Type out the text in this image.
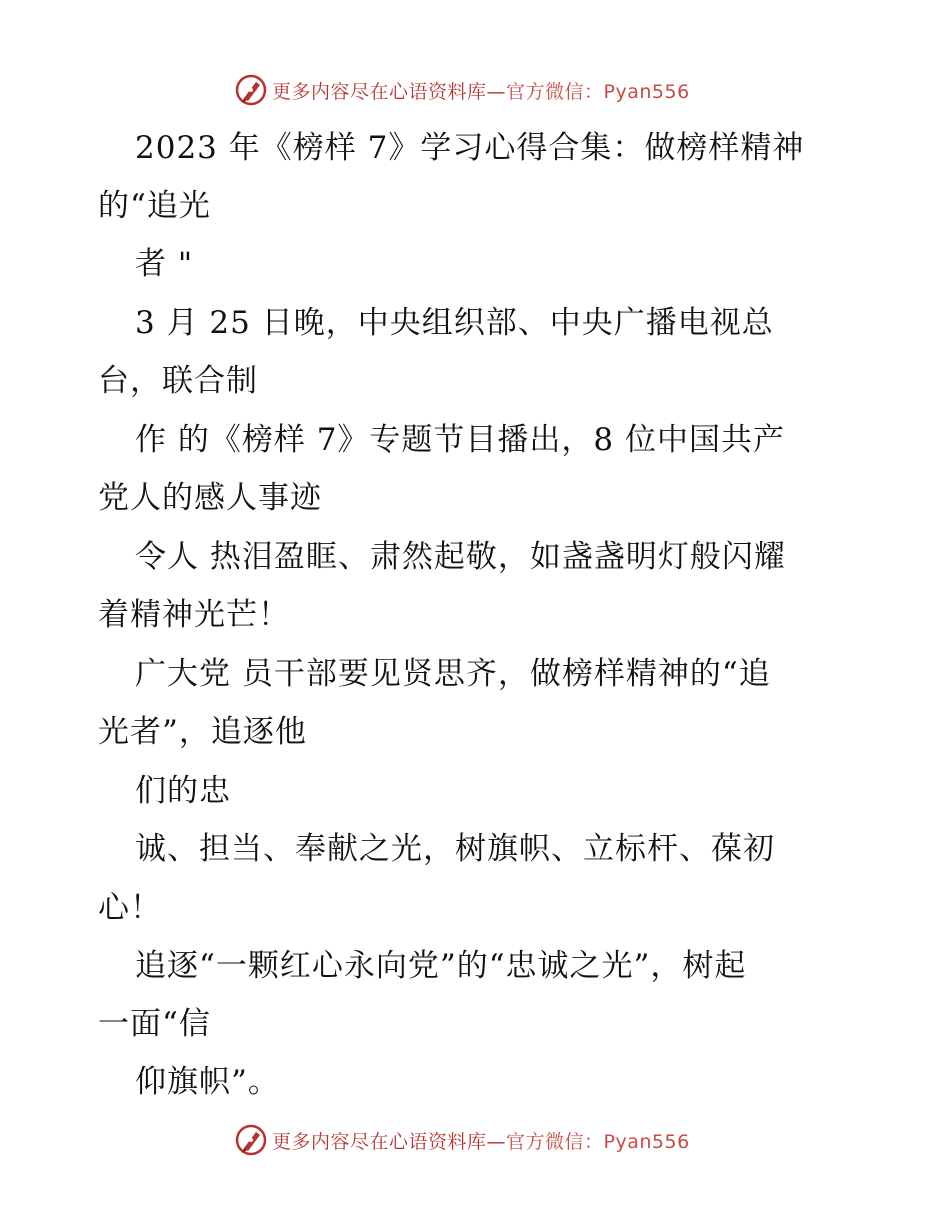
更多内容尽在心语资料库—官方微信：Pyan556
2023 年《榜样 7》学习心得合集：做榜样精神
的“追光
者 "
3 月 25 日晚，中央组织部、中央广播电视总
台，联合制
作 的《榜样 7》专题节目播出，8 位中国共产
党人的感人事迹
令人 热泪盈眶、肃然起敬，如盏盏明灯般闪耀
着精神光芒！
广大党 员干部要见贤思齐，做榜样精神的“追
光者”，追逐他
们的忠
诚、担当、奉献之光，树旗帜、立标杆、葆初
心！
追逐“一颗红心永向党”的“忠诚之光”，树起
一面“信
仰旗帜”。
更多内容尽在心语资料库—官方微信：Pyan556
